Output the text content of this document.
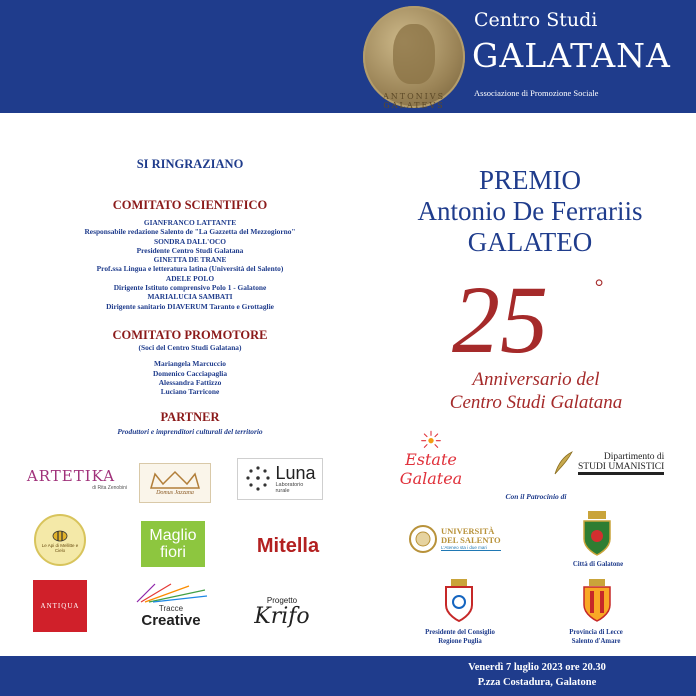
ANTONIVS GALATEVS
Centro Studi
GALATANA
Associazione di Promozione Sociale
SI RINGRAZIANO
COMITATO SCIENTIFICO
GIANFRANCO LATTANTE
Responsabile redazione Salento de "La Gazzetta del Mezzogiorno"
SONDRA DALL'OCO
Presidente Centro Studi Galatana
GINETTA DE TRANE
Prof.ssa Lingua e letteratura latina (Università del Salento)
ADELE POLO
Dirigente Istituto comprensivo Polo 1 - Galatone
MARIALUCIA SAMBATI
Dirigente sanitario DIAVERUM Taranto e Grottaglie
COMITATO PROMOTORE
(Soci del Centro Studi Galatana)
Mariangela Marcuccio
Domenico Cacciapaglia
Alessandra Fattizzo
Luciano Tarricone
PARTNER
Produttori e imprenditori culturali del territorio
ARTETIKA
di Rita Zenobini
Domus Jazzana
Luna
Laboratorio rurale
Le Api di Mellitte e Cielo
Maglio
fiori	Mitella
ANTIQUA	Tracce
Creative
Progetto
Krifo
PREMIO
Antonio De Ferrariis
GALATEO
25 °
Anniversario del
Centro Studi Galatana
Estate Galatea
Dipartimento di
STUDI UMANISTICI
Con il Patrocinio di
UNIVERSITÀ
DEL SALENTO
L'Ateneo sta i due mari
Città di Galatone
Presidente del Consiglio
Regione Puglia
Provincia di Lecce
Salento d'Amare
Venerdì 7 luglio 2023 ore 20.30
P.zza Costadura, Galatone
